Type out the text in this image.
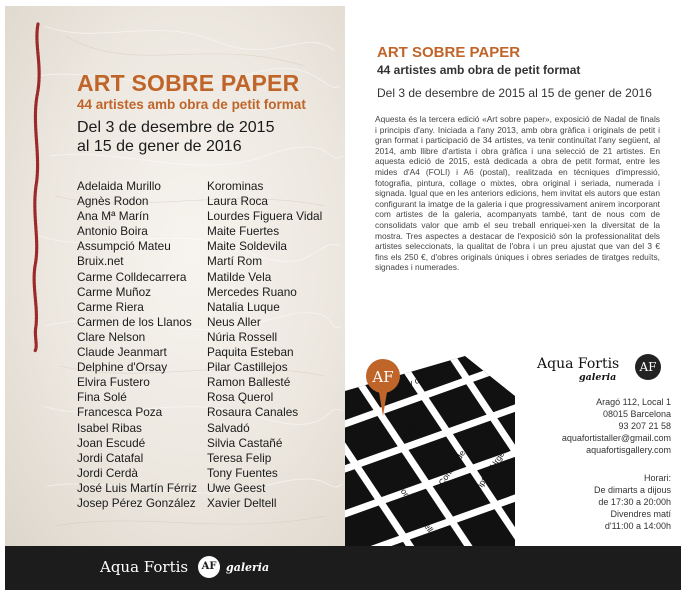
ART SOBRE PAPER
44 artistes amb obra de petit format
Del 3 de desembre de 2015
al 15 de gener de 2016
Adelaida Murillo
Agnès Rodon
Ana Mª Marín
Antonio Boira
Assumpció Mateu
Bruix.net
Carme Colldecarrera
Carme Muñoz
Carme Riera
Carmen de los Llanos
Clare Nelson
Claude Jeanmart
Delphine d'Orsay
Elvira Fustero
Fina Solé
Francesca Poza
Isabel Ribas
Joan Escudé
Jordi Catafal
Jordi Cerdà
José Luis Martín Férriz
Josep Pérez González
Korominas
Laura Roca
Lourdes Figuera Vidal
Maite Fuertes
Maite Soldevila
Martí Rom
Matilde Vela
Mercedes Ruano
Natalia Luque
Neus Aller
Núria Rossell
Paquita Esteban
Pilar Castillejos
Ramon Ballesté
Rosa Querol
Rosaura Canales
Salvadó
Silvia Castañé
Teresa Felip
Tony Fuentes
Uwe Geest
Xavier Deltell
ART SOBRE PAPER
44 artistes amb obra de petit format
Del 3 de desembre de 2015 al 15 de gener de 2016

Aquesta és la tercera edició «Art sobre paper», exposició de Nadal de finals i principis d'any. Iniciada a l'any 2013, amb obra gràfica i originals de petit i gran format i participació de 34 artistes, va tenir continuïtat l'any següent, al 2014, amb llibre d'artista i obra gràfica i una selecció de 21 artistes. En aquesta edició de 2015, està dedicada a obra de petit format, entre les mides d'A4 (FOLI) i A6 (postal), realitzada en tècniques d'impressió, fotografia, pintura, collage o mixtes, obra original i seriada, numerada i signada. Igual que en les anteriors edicions, hem invitat els autors que estan configurant la imatge de la galeria i que progressivament anirem incorporant com artistes de la galeria, acompanyats també, tant de nous com de consolidats valor que amb el seu treball enriquei-xen la diversitat de la mostra. Tres aspectes a destacar de l'exposició són la professionalitat dels artistes seleccionats, la qualitat de l'obra i un preu ajustat que van del 3 € fins els 250 €, d'obres originals úniques i obres seriades de tiratges reduïts, signades i numerades.

AF av de Roma
Aragó
Consell de Cent
Compte d'Urgell
Compte Borrell
Aqua Fortis
galeria
AF
Aragó 112, Local 1
08015 Barcelona
93 207 21 58
aquafortistaller@gmail.com
aquafortisgallery.com
Horari:
De dimarts a dijous
de 17:30 a 20:00h
Divendres matí
d'11:00 a 14:00h
Aqua Fortis	AF galeria
